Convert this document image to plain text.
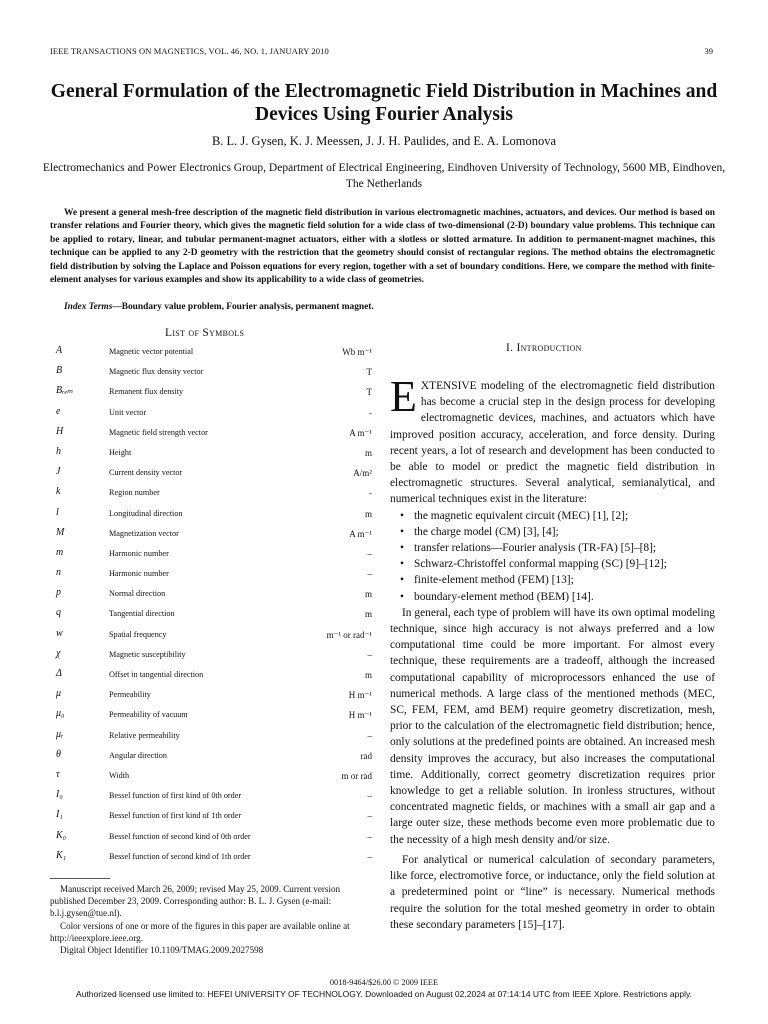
IEEE TRANSACTIONS ON MAGNETICS, VOL. 46, NO. 1, JANUARY 2010	39
General Formulation of the Electromagnetic Field Distribution in Machines and Devices Using Fourier Analysis
B. L. J. Gysen, K. J. Meessen, J. J. H. Paulides, and E. A. Lomonova
Electromechanics and Power Electronics Group, Department of Electrical Engineering, Eindhoven University of Technology, 5600 MB, Eindhoven, The Netherlands
We present a general mesh-free description of the magnetic field distribution in various electromagnetic machines, actuators, and devices. Our method is based on transfer relations and Fourier theory, which gives the magnetic field solution for a wide class of two-dimensional (2-D) boundary value problems. This technique can be applied to rotary, linear, and tubular permanent-magnet actuators, either with a slotless or slotted armature. In addition to permanent-magnet machines, this technique can be applied to any 2-D geometry with the restriction that the geometry should consist of rectangular regions. The method obtains the electromagnetic field distribution by solving the Laplace and Poisson equations for every region, together with a set of boundary conditions. Here, we compare the method with finite-element analyses for various examples and show its applicability to a wide class of geometries.
Index Terms—Boundary value problem, Fourier analysis, permanent magnet.
List of Symbols
A⃗	Magnetic vector potential	Wb m⁻¹
B⃗	Magnetic flux density vector	T
Bᵣₑₘ	Remanent flux density	T
e⃗	Unit vector	-
H⃗	Magnetic field strength vector	A m⁻¹
h	Height	m
J⃗	Current density vector	A/m²
k	Region number	-
l	Longitudinal direction	m
M⃗	Magnetization vector	A m⁻¹
m	Harmonic number	–
n	Harmonic number	–
p	Normal direction	m
q	Tangential direction	m
w	Spatial frequency	m⁻¹ or rad⁻¹
χ	Magnetic susceptibility	–
Δ	Offset in tangential direction	m
μ	Permeability	H m⁻¹
μ₀	Permeability of vacuum	H m⁻¹
μᵣ	Relative permeability	–
θ	Angular direction	rad
τ	Width	m or rad
I₀	Bessel function of first kind of 0th order	–
I₁	Bessel function of first kind of 1th order	–
K₀	Bessel function of second kind of 0th order	–
K₁	Bessel function of second kind of 1th order	–
I. Introduction

EXTENSIVE modeling of the electromagnetic field distribution has become a crucial step in the design process for developing electromagnetic devices, machines, and actuators which have improved position accuracy, acceleration, and force density. During recent years, a lot of research and development has been conducted to be able to model or predict the magnetic field distribution in electromagnetic structures. Several analytical, semianalytical, and numerical techniques exist in the literature:

• the magnetic equivalent circuit (MEC) [1], [2];
• the charge model (CM) [3], [4];
• transfer relations—Fourier analysis (TR-FA) [5]–[8];
• Schwarz-Christoffel conformal mapping (SC) [9]–[12];
• finite-element method (FEM) [13];
• boundary-element method (BEM) [14].

In general, each type of problem will have its own optimal modeling technique, since high accuracy is not always preferred and a low computational time could be more important. For almost every technique, these requirements are a tradeoff, although the increased computational capability of microprocessors enhanced the use of numerical methods. A large class of the mentioned methods (MEC, SC, FEM, FEM, amd BEM) require geometry discretization, mesh, prior to the calculation of the electromagnetic field distribution; hence, only solutions at the predefined points are obtained. An increased mesh density improves the accuracy, but also increases the computational time. Additionally, correct geometry discretization requires prior knowledge to get a reliable solution. In ironless structures, without concentrated magnetic fields, or machines with a small air gap and a large outer size, these methods become even more problematic due to the necessity of a high mesh density and/or size.

For analytical or numerical calculation of secondary parameters, like force, electromotive force, or inductance, only the field solution at a predetermined point or “line” is necessary. Numerical methods require the solution for the total meshed geometry in order to obtain these secondary parameters [15]–[17].

Manuscript received March 26, 2009; revised May 25, 2009. Current version published December 23, 2009. Corresponding author: B. L. J. Gysen (e-mail: b.l.j.gysen@tue.nl).

Color versions of one or more of the figures in this paper are available online at http://ieeexplore.ieee.org.

Digital Object Identifier 10.1109/TMAG.2009.2027598

0018-9464/$26.00 © 2009 IEEE
Authorized licensed use limited to: HEFEI UNIVERSITY OF TECHNOLOGY. Downloaded on August 02,2024 at 07:14:14 UTC from IEEE Xplore. Restrictions apply.
